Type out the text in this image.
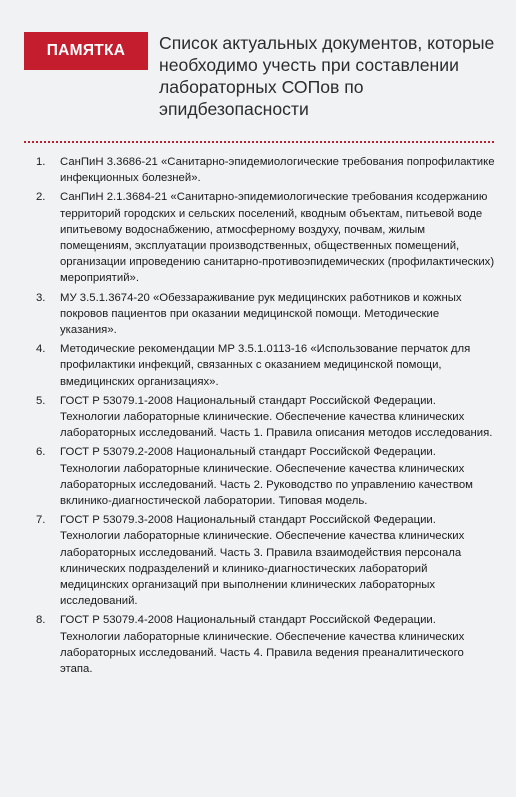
ПАМЯТКА	Список актуальных документов, которые необходимо учесть при составлении лабораторных СОПов по эпидбезопасности
1. СанПиН 3.3686-21 «Санитарно-эпидемиологические требования попрофилактике инфекционных болезней».
2. СанПиН 2.1.3684-21 «Санитарно-эпидемиологические требования ксодержанию территорий городских и сельских поселений, кводным объектам, питьевой воде ипитьевому водоснабжению, атмосферному воздуху, почвам, жилым помещениям, эксплуатации производственных, общественных помещений, организации ипроведению санитарно-противоэпидемических (профилактических) мероприятий».
3. МУ 3.5.1.3674-20 «Обеззараживание рук медицинских работников и кожных покровов пациентов при оказании медицинской помощи. Методические указания».
4. Методические рекомендации МР 3.5.1.0113-16 «Использование перчаток для профилактики инфекций, связанных с оказанием медицинской помощи, вмедицинских организациях».
5. ГОСТ Р 53079.1-2008 Национальный стандарт Российской Федерации. Технологии лабораторные клинические. Обеспечение качества клинических лабораторных исследований. Часть 1. Правила описания методов исследования.
6. ГОСТ Р 53079.2-2008 Национальный стандарт Российской Федерации. Технологии лабораторные клинические. Обеспечение качества клинических лабораторных исследований. Часть 2. Руководство по управлению качеством вклинико-диагностической лаборатории. Типовая модель.
7. ГОСТ Р 53079.3-2008 Национальный стандарт Российской Федерации. Технологии лабораторные клинические. Обеспечение качества клинических лабораторных исследований. Часть 3. Правила взаимодействия персонала клинических подразделений и клинико-диагностических лабораторий медицинских организаций при выполнении клинических лабораторных исследований.
8. ГОСТ Р 53079.4-2008 Национальный стандарт Российской Федерации. Технологии лабораторные клинические. Обеспечение качества клинических лабораторных исследований. Часть 4. Правила ведения преаналитического этапа.
